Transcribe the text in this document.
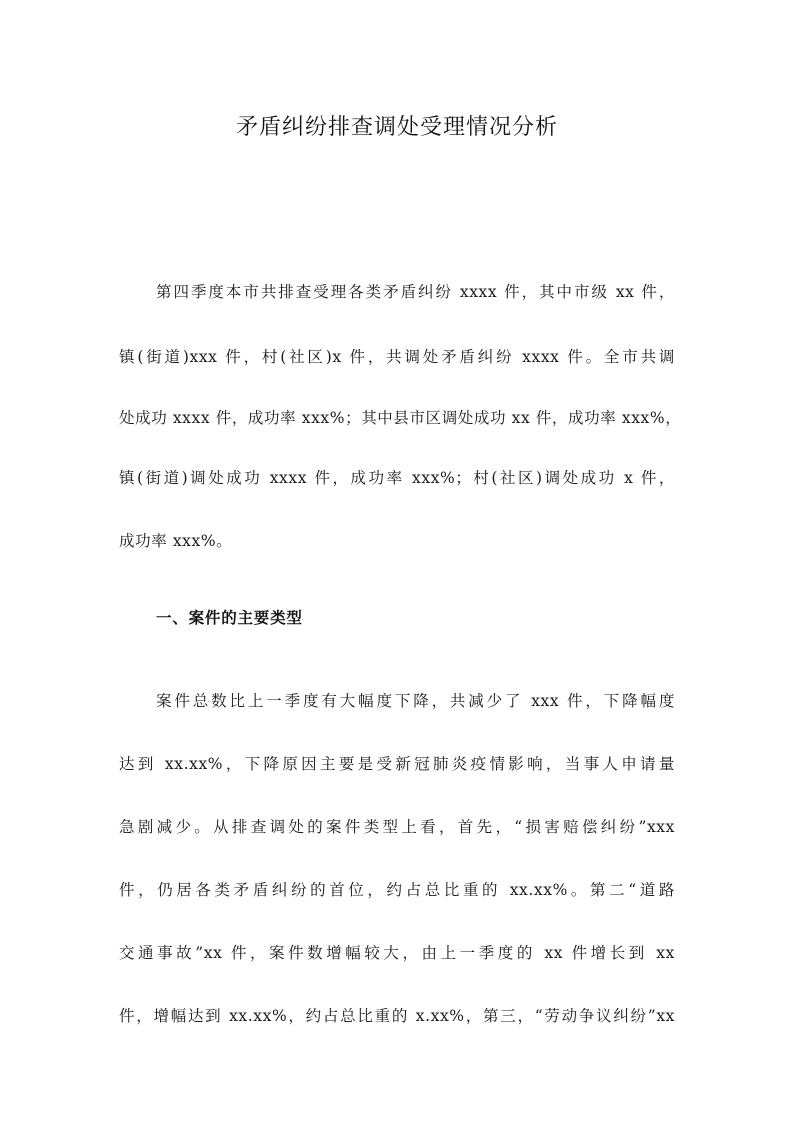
矛盾纠纷排查调处受理情况分析
第四季度本市共排查受理各类矛盾纠纷 xxxx 件，其中市级 xx 件，
镇(街道)xxx 件，村(社区)x 件，共调处矛盾纠纷 xxxx 件。全市共调
处成功 xxxx 件，成功率 xxx%；其中县市区调处成功 xx 件，成功率 xxx%，
镇(街道)调处成功 xxxx 件，成功率 xxx%；村(社区)调处成功 x 件，
成功率 xxx%。
一、案件的主要类型
案件总数比上一季度有大幅度下降，共减少了 xxx 件，下降幅度
达到 xx.xx%，下降原因主要是受新冠肺炎疫情影响，当事人申请量
急剧减少。从排查调处的案件类型上看，首先，“损害赔偿纠纷”xxx
件，仍居各类矛盾纠纷的首位，约占总比重的 xx.xx%。第二“道路
交通事故”xx 件，案件数增幅较大，由上一季度的 xx 件增长到 xx
件，增幅达到 xx.xx%，约占总比重的 x.xx%，第三，“劳动争议纠纷”xx
